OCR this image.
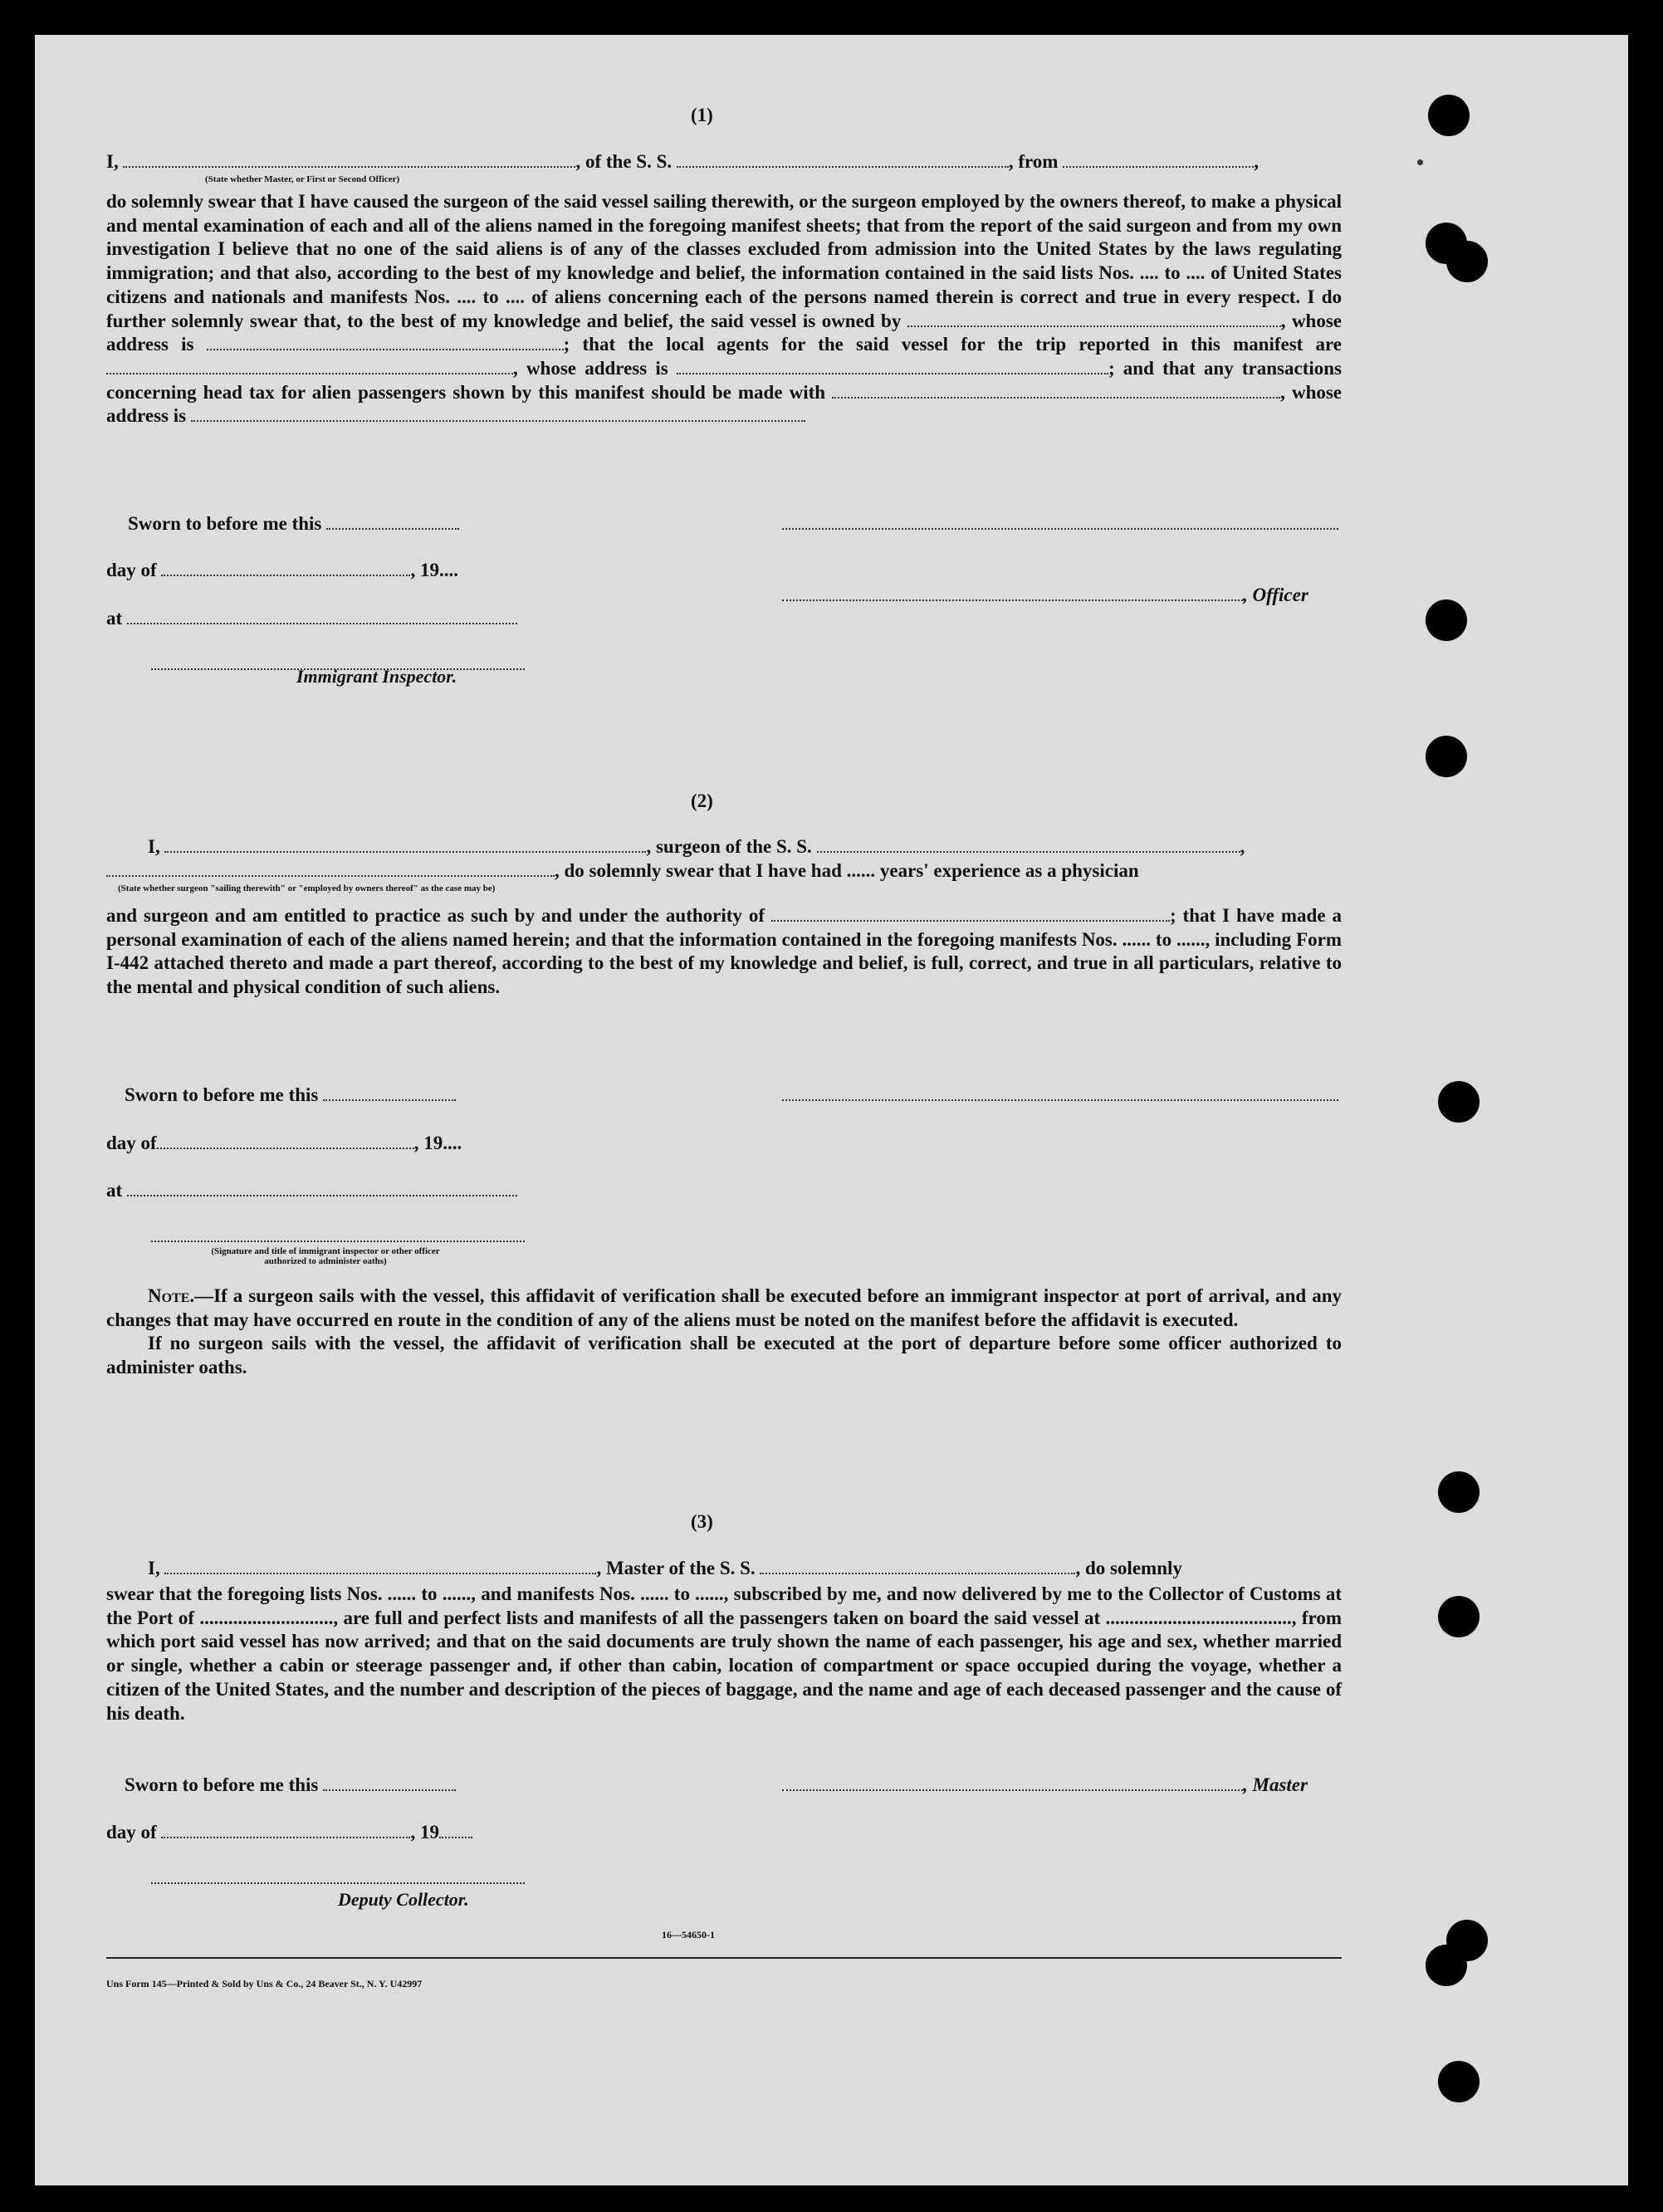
(1)
I,	, of the S. S.	, from	,
(State whether Master, or First or Second Officer)

do solemnly swear that I have caused the surgeon of the said vessel sailing therewith, or the surgeon employed by the owners thereof, to make a physical and mental examination of each and all of the aliens named in the foregoing manifest sheets; that from the report of the said surgeon and from my own investigation I believe that no one of the said aliens is of any of the classes excluded from admission into the United States by the laws regulating immigration; and that also, according to the best of my knowledge and belief, the information contained in the said lists Nos. .... to .... of United States citizens and nationals and manifests Nos. .... to .... of aliens concerning each of the persons named therein is correct and true in every respect. I do further solemnly swear that, to the best of my knowledge and belief, the said vessel is owned by	, whose address is	; that the local agents for the said vessel for the trip reported in this manifest are , whose address is	; and that any transactions concerning head tax for alien passengers shown by this manifest should be made with	, whose address is

Sworn to before me this
day of	, 19....
, Officer
at
Immigrant Inspector.
(2)
I,	, surgeon of the S. S.	,
, do solemnly swear that I have had ...... years' experience as a physician
(State whether surgeon "sailing therewith" or "employed by owners thereof" as the case may be)

and surgeon and am entitled to practice as such by and under the authority of	; that I have made a personal examination of each of the aliens named herein; and that the information contained in the foregoing manifests Nos. ...... to ......, including Form I-442 attached thereto and made a part thereof, according to the best of my knowledge and belief, is full, correct, and true in all particulars, relative to the mental and physical condition of such aliens.

Sworn to before me this
day of	, 19....
at
(Signature and title of immigrant inspector or other officer authorized to administer oaths)

Note.—If a surgeon sails with the vessel, this affidavit of verification shall be executed before an immigrant inspector at port of arrival, and any changes that may have occurred en route in the condition of any of the aliens must be noted on the manifest before the affidavit is executed.

If no surgeon sails with the vessel, the affidavit of verification shall be executed at the port of departure before some officer authorized to administer oaths.

(3)
I,	, Master of the S. S.	, do solemnly

swear that the foregoing lists Nos. ...... to ......, and manifests Nos. ...... to ......, subscribed by me, and now delivered by me to the Collector of Customs at the Port of ............................, are full and perfect lists and manifests of all the passengers taken on board the said vessel at ......................................., from which port said vessel has now arrived; and that on the said documents are truly shown the name of each passenger, his age and sex, whether married or single, whether a cabin or steerage passenger and, if other than cabin, location of compartment or space occupied during the voyage, whether a citizen of the United States, and the number and description of the pieces of baggage, and the name and age of each deceased passenger and the cause of his death.

Sworn to before me this	, Master
day of	, 19
Deputy Collector.
16—54650-1
Uns Form 145—Printed & Sold by Uns & Co., 24 Beaver St., N. Y. U42997
